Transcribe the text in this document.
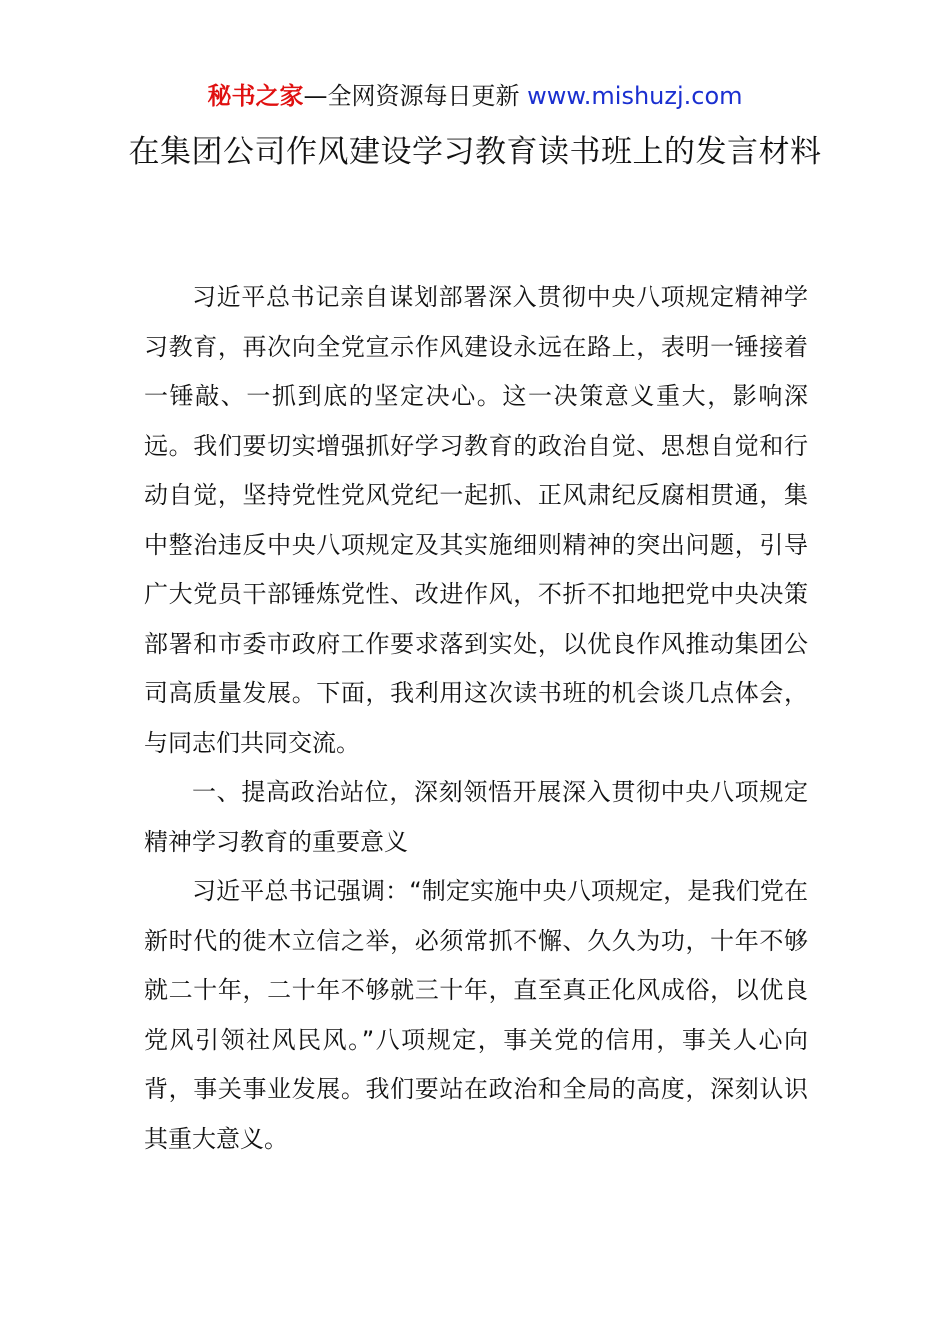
秘书之家—全网资源每日更新 www.mishuzj.com
在集团公司作风建设学习教育读书班上的发言材料

习近平总书记亲自谋划部署深入贯彻中央八项规定精神学习教育，再次向全党宣示作风建设永远在路上，表明一锤接着一锤敲、一抓到底的坚定决心。这一决策意义重大，影响深远。我们要切实增强抓好学习教育的政治自觉、思想自觉和行动自觉，坚持党性党风党纪一起抓、正风肃纪反腐相贯通，集中整治违反中央八项规定及其实施细则精神的突出问题，引导广大党员干部锤炼党性、改进作风，不折不扣地把党中央决策部署和市委市政府工作要求落到实处，以优良作风推动集团公司高质量发展。下面，我利用这次读书班的机会谈几点体会，与同志们共同交流。

一、提高政治站位，深刻领悟开展深入贯彻中央八项规定精神学习教育的重要意义

习近平总书记强调：“制定实施中央八项规定，是我们党在新时代的徙木立信之举，必须常抓不懈、久久为功，十年不够就二十年，二十年不够就三十年，直至真正化风成俗，以优良党风引领社风民风。”八项规定，事关党的信用，事关人心向背，事关事业发展。我们要站在政治和全局的高度，深刻认识其重大意义。
